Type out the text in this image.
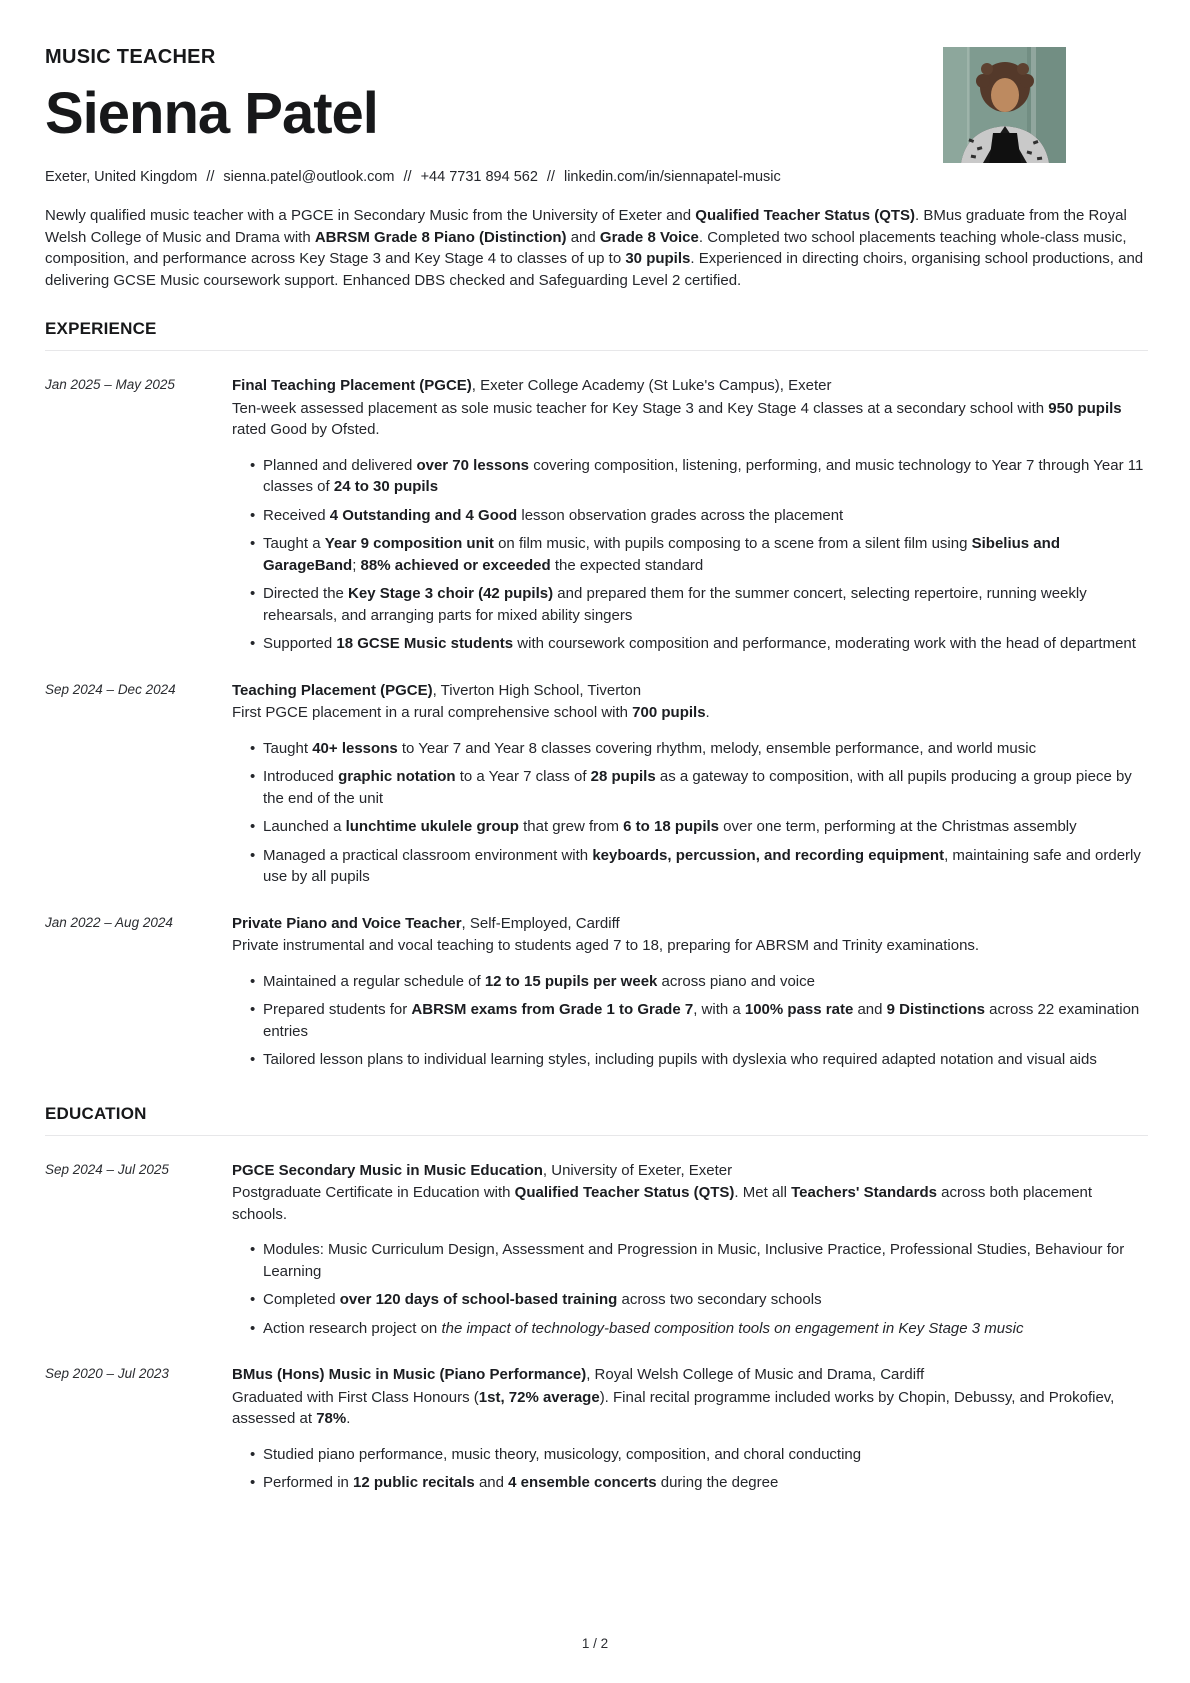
MUSIC TEACHER
Sienna Patel
Exeter, United Kingdom // sienna.patel@outlook.com // +44 7731 894 562 // linkedin.com/in/siennapatel-music
Newly qualified music teacher with a PGCE in Secondary Music from the University of Exeter and Qualified Teacher Status (QTS). BMus graduate from the Royal Welsh College of Music and Drama with ABRSM Grade 8 Piano (Distinction) and Grade 8 Voice. Completed two school placements teaching whole-class music, composition, and performance across Key Stage 3 and Key Stage 4 to classes of up to 30 pupils. Experienced in directing choirs, organising school productions, and delivering GCSE Music coursework support. Enhanced DBS checked and Safeguarding Level 2 certified.
EXPERIENCE
Jan 2025 – May 2025	Final Teaching Placement (PGCE), Exeter College Academy (St Luke's Campus), Exeter
Ten-week assessed placement as sole music teacher for Key Stage 3 and Key Stage 4 classes at a secondary school with 950 pupils rated Good by Ofsted.
• Planned and delivered over 70 lessons covering composition, listening, performing, and music technology to Year 7 through Year 11 classes of 24 to 30 pupils
• Received 4 Outstanding and 4 Good lesson observation grades across the placement
• Taught a Year 9 composition unit on film music, with pupils composing to a scene from a silent film using Sibelius and GarageBand; 88% achieved or exceeded the expected standard
• Directed the Key Stage 3 choir (42 pupils) and prepared them for the summer concert, selecting repertoire, running weekly rehearsals, and arranging parts for mixed ability singers
• Supported 18 GCSE Music students with coursework composition and performance, moderating work with the head of department
Sep 2024 – Dec 2024	Teaching Placement (PGCE), Tiverton High School, Tiverton
First PGCE placement in a rural comprehensive school with 700 pupils.
• Taught 40+ lessons to Year 7 and Year 8 classes covering rhythm, melody, ensemble performance, and world music
• Introduced graphic notation to a Year 7 class of 28 pupils as a gateway to composition, with all pupils producing a group piece by the end of the unit
• Launched a lunchtime ukulele group that grew from 6 to 18 pupils over one term, performing at the Christmas assembly
• Managed a practical classroom environment with keyboards, percussion, and recording equipment, maintaining safe and orderly use by all pupils
Jan 2022 – Aug 2024	Private Piano and Voice Teacher, Self-Employed, Cardiff
Private instrumental and vocal teaching to students aged 7 to 18, preparing for ABRSM and Trinity examinations.
• Maintained a regular schedule of 12 to 15 pupils per week across piano and voice
• Prepared students for ABRSM exams from Grade 1 to Grade 7, with a 100% pass rate and 9 Distinctions across 22 examination entries
• Tailored lesson plans to individual learning styles, including pupils with dyslexia who required adapted notation and visual aids
EDUCATION
Sep 2024 – Jul 2025	PGCE Secondary Music in Music Education, University of Exeter, Exeter
Postgraduate Certificate in Education with Qualified Teacher Status (QTS). Met all Teachers' Standards across both placement schools.
• Modules: Music Curriculum Design, Assessment and Progression in Music, Inclusive Practice, Professional Studies, Behaviour for Learning
• Completed over 120 days of school-based training across two secondary schools
• Action research project on the impact of technology-based composition tools on engagement in Key Stage 3 music
Sep 2020 – Jul 2023	BMus (Hons) Music in Music (Piano Performance), Royal Welsh College of Music and Drama, Cardiff
Graduated with First Class Honours (1st, 72% average). Final recital programme included works by Chopin, Debussy, and Prokofiev, assessed at 78%.
• Studied piano performance, music theory, musicology, composition, and choral conducting
• Performed in 12 public recitals and 4 ensemble concerts during the degree
1 / 2
